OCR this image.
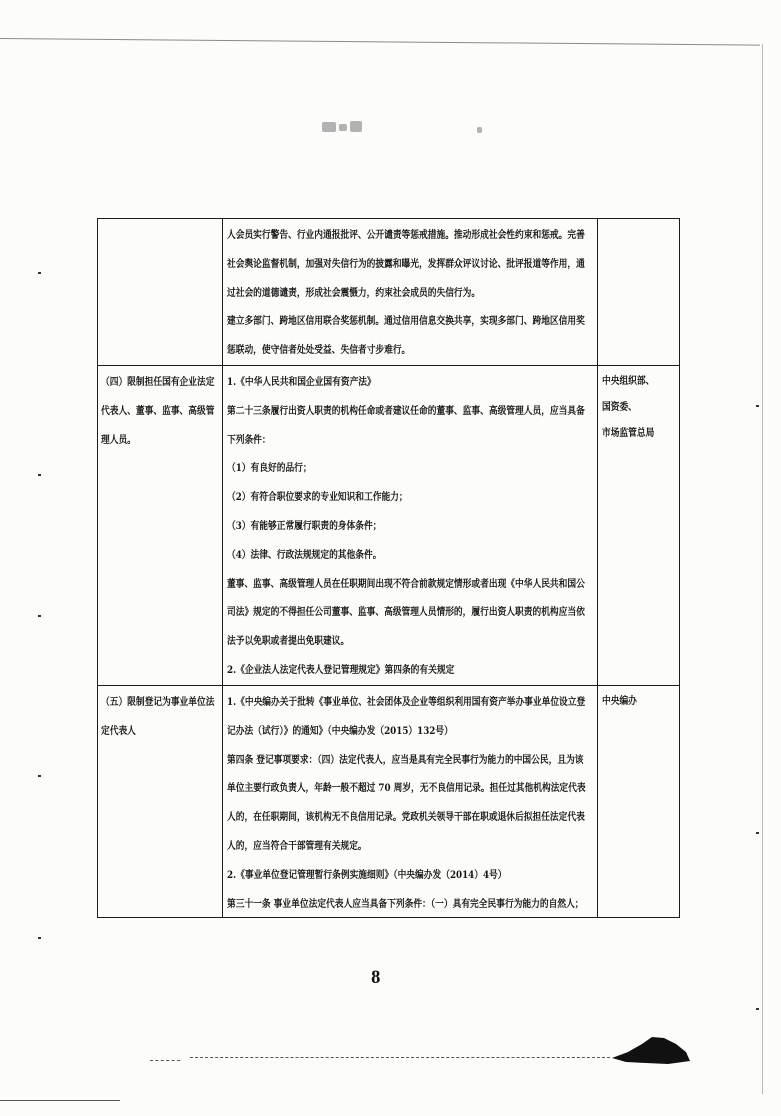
人会员实行警告、行业内通报批评、公开谴责等惩戒措施。推动形成社会性约束和惩戒。完善
社会舆论监督机制，加强对失信行为的披露和曝光，发挥群众评议讨论、批评报道等作用，通
过社会的道德谴责，形成社会震慑力，约束社会成员的失信行为。
建立多部门、跨地区信用联合奖惩机制。通过信用信息交换共享，实现多部门、跨地区信用奖
惩联动，使守信者处处受益、失信者寸步难行。
（四）限制担任国有企业法定
代表人、董事、监事、高级管
理人员。
1.《中华人民共和国企业国有资产法》
第二十三条履行出资人职责的机构任命或者建议任命的董事、监事、高级管理人员，应当具备
下列条件：
（1）有良好的品行；
（2）有符合职位要求的专业知识和工作能力；
（3）有能够正常履行职责的身体条件；
（4）法律、行政法规规定的其他条件。
董事、监事、高级管理人员在任职期间出现不符合前款规定情形或者出现《中华人民共和国公
司法》规定的不得担任公司董事、监事、高级管理人员情形的，履行出资人职责的机构应当依
法予以免职或者提出免职建议。
2.《企业法人法定代表人登记管理规定》第四条的有关规定
中央组织部、
国资委、
市场监管总局
（五）限制登记为事业单位法
定代表人
1.《中央编办关于批转《事业单位、社会团体及企业等组织利用国有资产举办事业单位设立登
记办法（试行）》的通知》（中央编办发（2015）132号）
第四条 登记事项要求：（四）法定代表人，应当是具有完全民事行为能力的中国公民，且为该
单位主要行政负责人，年龄一般不超过 70 周岁，无不良信用记录。担任过其他机构法定代表
人的，在任职期间，该机构无不良信用记录。党政机关领导干部在职或退休后拟担任法定代表
人的，应当符合干部管理有关规定。
2.《事业单位登记管理暂行条例实施细则》（中央编办发（2014）4号）
第三十一条 事业单位法定代表人应当具备下列条件：（一）具有完全民事行为能力的自然人；
中央编办
8
